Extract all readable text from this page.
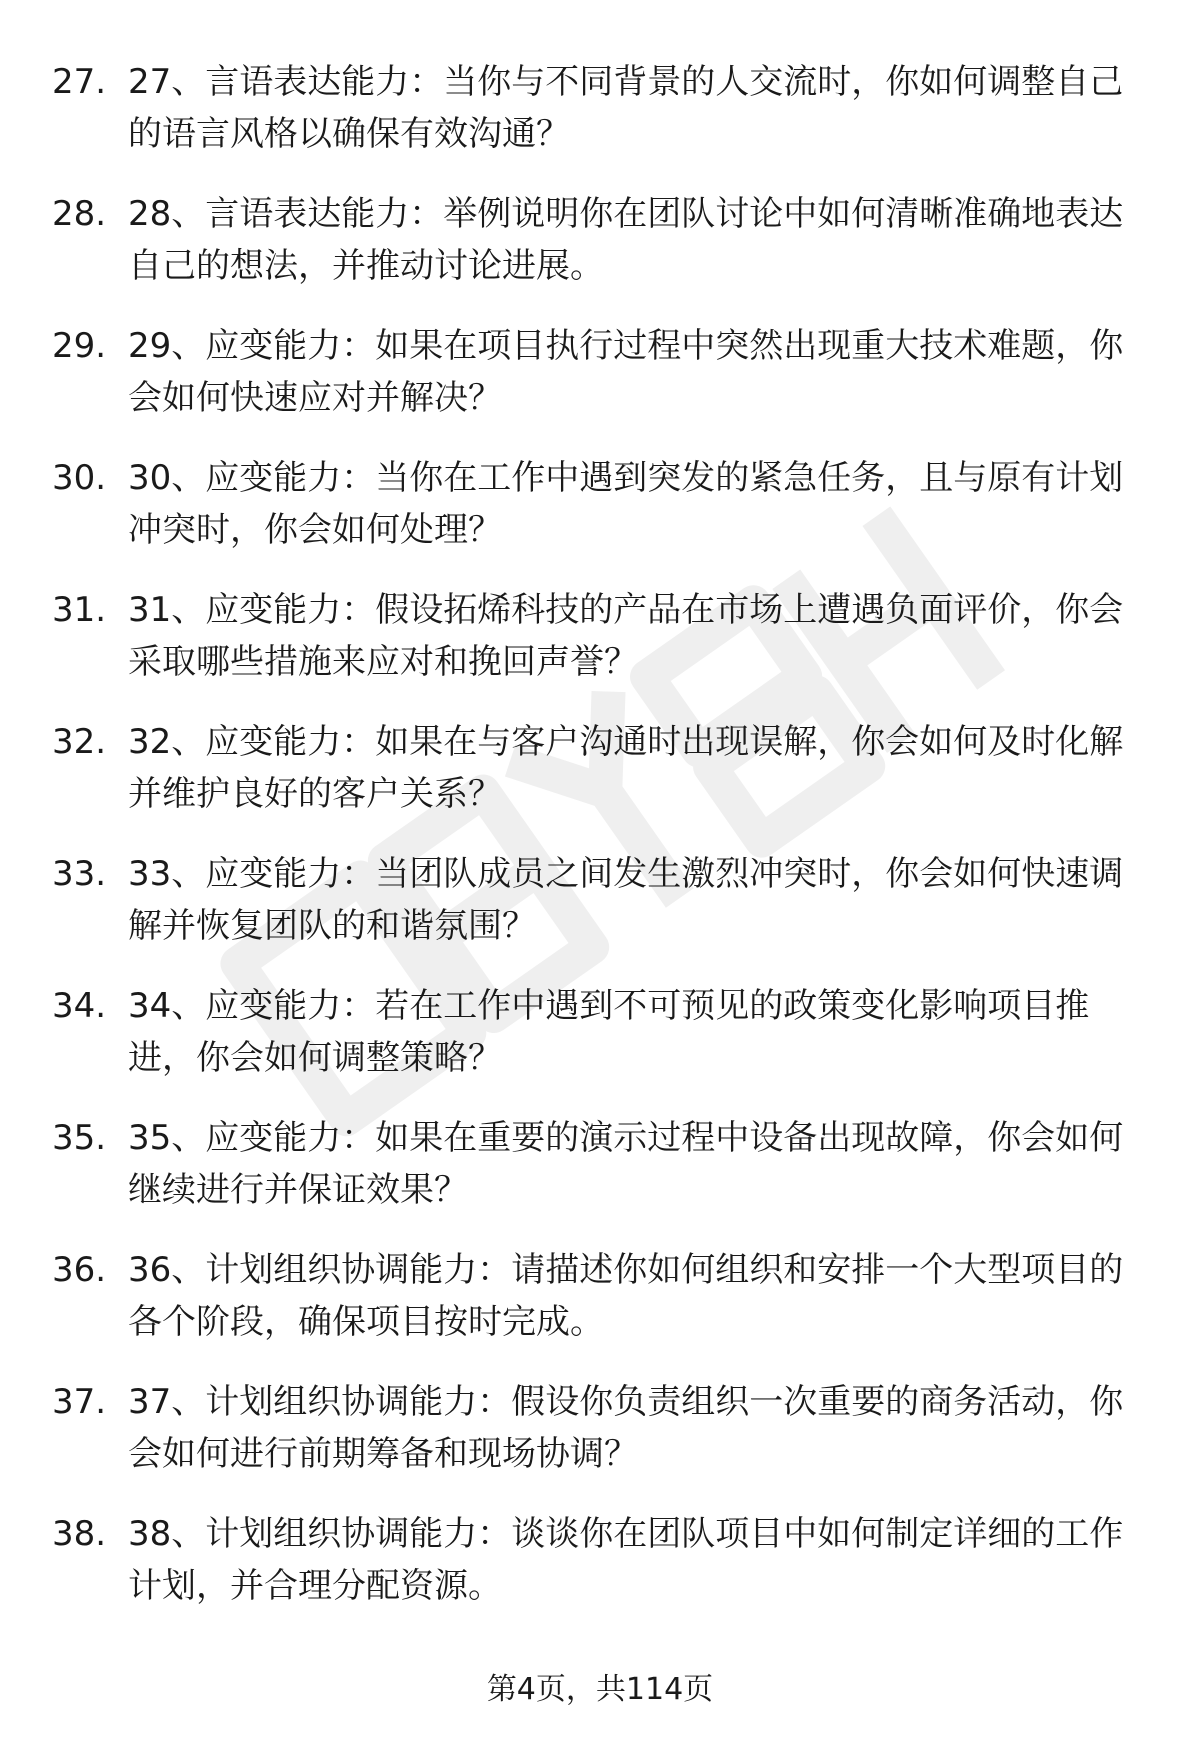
27. 27、言语表达能力：当你与不同背景的人交流时，你如何调整自己的语言风格以确保有效沟通？
28. 28、言语表达能力：举例说明你在团队讨论中如何清晰准确地表达自己的想法，并推动讨论进展。
29. 29、应变能力：如果在项目执行过程中突然出现重大技术难题，你会如何快速应对并解决？
30. 30、应变能力：当你在工作中遇到突发的紧急任务，且与原有计划冲突时，你会如何处理？
31. 31、应变能力：假设拓烯科技的产品在市场上遭遇负面评价，你会采取哪些措施来应对和挽回声誉？
32. 32、应变能力：如果在与客户沟通时出现误解，你会如何及时化解并维护良好的客户关系？
33. 33、应变能力：当团队成员之间发生激烈冲突时，你会如何快速调解并恢复团队的和谐氛围？
34. 34、应变能力：若在工作中遇到不可预见的政策变化影响项目推进，你会如何调整策略？
35. 35、应变能力：如果在重要的演示过程中设备出现故障，你会如何继续进行并保证效果？
36. 36、计划组织协调能力：请描述你如何组织和安排一个大型项目的各个阶段，确保项目按时完成。
37. 37、计划组织协调能力：假设你负责组织一次重要的商务活动，你会如何进行前期筹备和现场协调？
38. 38、计划组织协调能力：谈谈你在团队项目中如何制定详细的工作计划，并合理分配资源。
第4页，共114页
